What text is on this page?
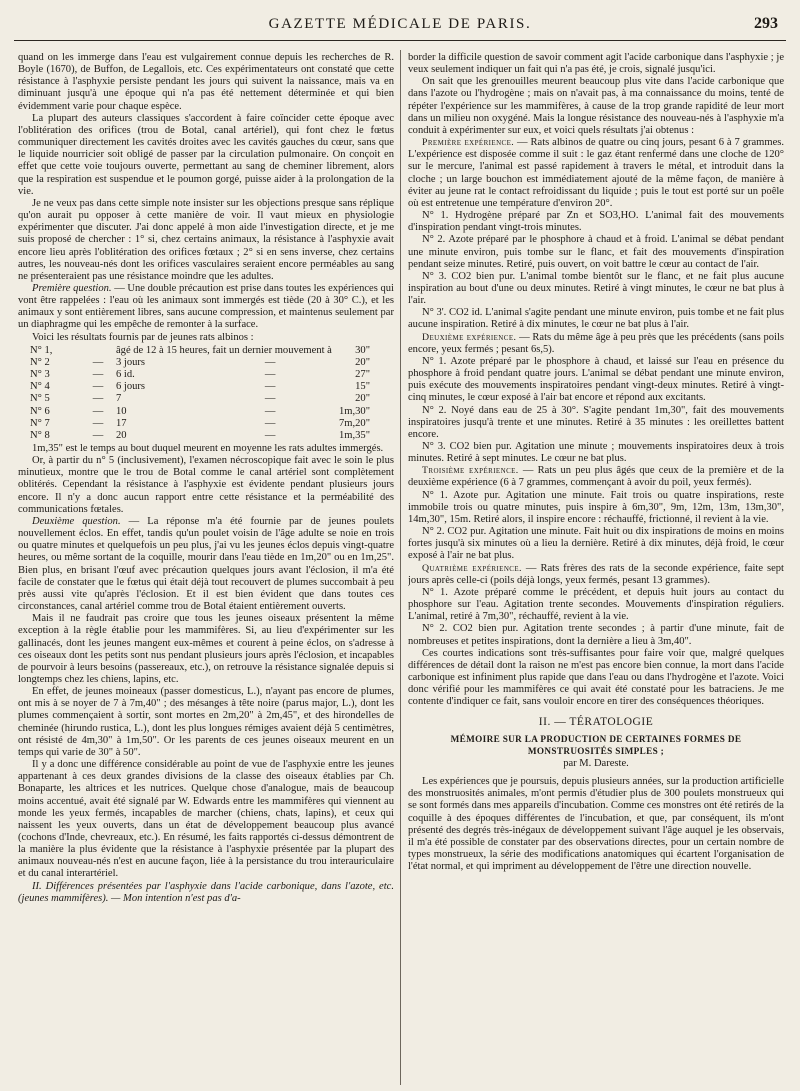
GAZETTE MÉDICALE DE PARIS.	293

quand on les immerge dans l'eau est vulgairement connue depuis les recherches de R. Boyle (1670), de Buffon, de Legallois, etc. Ces expérimentateurs ont constaté que cette résistance à l'asphyxie persiste pendant les jours qui suivent la naissance, mais va en diminuant jusqu'à une époque qui n'a pas été nettement déterminée et qui bien évidemment varie pour chaque espèce.

La plupart des auteurs classiques s'accordent à faire coïncider cette époque avec l'oblitération des orifices (trou de Botal, canal artériel), qui font chez le fœtus communiquer directement les cavités droites avec les cavités gauches du cœur, sans que le liquide nourricier soit obligé de passer par la circulation pulmonaire. On conçoit en effet que cette voie toujours ouverte, permettant au sang de cheminer librement, alors que la respiration est suspendue et le poumon gorgé, puisse aider à la prolongation de la vie.

Je ne veux pas dans cette simple note insister sur les objections presque sans réplique qu'on aurait pu opposer à cette manière de voir. Il vaut mieux en physiologie expérimenter que discuter. J'ai donc appelé à mon aide l'investigation directe, et je me suis proposé de chercher : 1° si, chez certains animaux, la résistance à l'asphyxie avait encore lieu après l'oblitération des orifices fœtaux ; 2° si en sens inverse, chez certains autres, les nouveau-nés dont les orifices vasculaires seraient encore perméables au sang ne présenteraient pas une résistance moindre que les adultes.

Première question. — Une double précaution est prise dans toutes les expériences qui vont être rappelées : l'eau où les animaux sont immergés est tiède (20 à 30° C.), et les animaux y sont entièrement libres, sans aucune compression, et maintenus seulement par un diaphragme qui les empêche de remonter à la surface.

Voici les résultats fournis par de jeunes rats albinos :

N° 1,		âgé de 12 à 15 heures, fait un dernier mouvement à		30"
N° 2	—	3 jours	—	20"
N° 3	—	6 id.	—	27"
N° 4	—	6 jours	—	15"
N° 5	—	7	—	20"
N° 6	—	10	—	1m,30"
N° 7	—	17	—	7m,20"
N° 8	—	20	—	1m,35"

1m,35" est le temps au bout duquel meurent en moyenne les rats adultes immergés.

Or, à partir du n° 5 (inclusivement), l'examen nécroscopique fait avec le soin le plus minutieux, montre que le trou de Botal comme le canal artériel sont complètement oblitérés. Cependant la résistance à l'asphyxie est évidente pendant plusieurs jours encore. Il n'y a donc aucun rapport entre cette résistance et la perméabilité des communications fœtales.

Deuxième question. — La réponse m'a été fournie par de jeunes poulets nouvellement éclos. En effet, tandis qu'un poulet voisin de l'âge adulte se noie en trois ou quatre minutes et quelquefois un peu plus, j'ai vu les jeunes éclos depuis vingt-quatre heures, ou même sortant de la coquille, mourir dans l'eau tiède en 1m,20" ou en 1m,25". Bien plus, en brisant l'œuf avec précaution quelques jours avant l'éclosion, il m'a été facile de constater que le fœtus qui était déjà tout recouvert de plumes succombait à peu près aussi vite qu'après l'éclosion. Et il est bien évident que dans toutes ces circonstances, canal artériel comme trou de Botal étaient entièrement ouverts.

Mais il ne faudrait pas croire que tous les jeunes oiseaux présentent la même exception à la règle établie pour les mammifères. Si, au lieu d'expérimenter sur les gallinacés, dont les jeunes mangent eux-mêmes et courent à peine éclos, on s'adresse à ces oiseaux dont les petits sont nus pendant plusieurs jours après l'éclosion, et incapables de pourvoir à leurs besoins (passereaux, etc.), on retrouve la résistance signalée depuis si longtemps chez les chiens, lapins, etc.

En effet, de jeunes moineaux (passer domesticus, L.), n'ayant pas encore de plumes, ont mis à se noyer de 7 à 7m,40" ; des mésanges à tête noire (parus major, L.), dont les plumes commençaient à sortir, sont mortes en 2m,20" à 2m,45", et des hirondelles de cheminée (hirundo rustica, L.), dont les plus longues rémiges avaient déjà 5 centimètres, ont résisté de 4m,30" à 1m,50". Or les parents de ces jeunes oiseaux meurent en un temps qui varie de 30" à 50".

Il y a donc une différence considérable au point de vue de l'asphyxie entre les jeunes appartenant à ces deux grandes divisions de la classe des oiseaux établies par Ch. Bonaparte, les altrices et les nutrices. Quelque chose d'analogue, mais de beaucoup moins accentué, avait été signalé par W. Edwards entre les mammifères qui viennent au monde les yeux fermés, incapables de marcher (chiens, chats, lapins), et ceux qui naissent les yeux ouverts, dans un état de développement beaucoup plus avancé (cochons d'Inde, chevreaux, etc.). En résumé, les faits rapportés ci-dessus démontrent de la manière la plus évidente que la résistance à l'asphyxie présentée par la plupart des animaux nouveau-nés n'est en aucune façon, liée à la persistance du trou interauriculaire et du canal interartériel.

II. Différences présentées par l'asphyxie dans l'acide carbonique, dans l'azote, etc. (jeunes mammifères). — Mon intention n'est pas d'a-

border la difficile question de savoir comment agit l'acide carbonique dans l'asphyxie ; je veux seulement indiquer un fait qui n'a pas été, je crois, signalé jusqu'ici.

On sait que les grenouilles meurent beaucoup plus vite dans l'acide carbonique que dans l'azote ou l'hydrogène ; mais on n'avait pas, à ma connaissance du moins, tenté de répéter l'expérience sur les mammifères, à cause de la trop grande rapidité de leur mort dans un milieu non oxygéné. Mais la longue résistance des nouveau-nés à l'asphyxie m'a conduit à expérimenter sur eux, et voici quels résultats j'ai obtenus :

Première expérience. — Rats albinos de quatre ou cinq jours, pesant 6 à 7 grammes. L'expérience est disposée comme il suit : le gaz étant renfermé dans une cloche de 120° sur le mercure, l'animal est passé rapidement à travers le métal, et introduit dans la cloche ; un large bouchon est immédiatement ajouté de la même façon, de manière à éviter au jeune rat le contact refroidissant du liquide ; puis le tout est porté sur un poêle où est entretenue une température d'environ 20°.

N° 1. Hydrogène préparé par Zn et SO3,HO. L'animal fait des mouvements d'inspiration pendant vingt-trois minutes.

N° 2. Azote préparé par le phosphore à chaud et à froid. L'animal se débat pendant une minute environ, puis tombe sur le flanc, et fait des mouvements d'inspiration pendant seize minutes. Retiré, puis ouvert, on voit battre le cœur au contact de l'air.

N° 3. CO2 bien pur. L'animal tombe bientôt sur le flanc, et ne fait plus aucune inspiration au bout d'une ou deux minutes. Retiré à vingt minutes, le cœur ne bat plus à l'air.

N° 3'. CO2 id. L'animal s'agite pendant une minute environ, puis tombe et ne fait plus aucune inspiration. Retiré à dix minutes, le cœur ne bat plus à l'air.

Deuxième expérience. — Rats du même âge à peu près que les précédents (sans poils encore, yeux fermés ; pesant 6s,5).

N° 1. Azote préparé par le phosphore à chaud, et laissé sur l'eau en présence du phosphore à froid pendant quatre jours. L'animal se débat pendant une minute environ, puis exécute des mouvements inspiratoires pendant vingt-deux minutes. Retiré à vingt-cinq minutes, le cœur exposé à l'air bat encore et répond aux excitants.

N° 2. Noyé dans eau de 25 à 30°. S'agite pendant 1m,30", fait des mouvements inspiratoires jusqu'à trente et une minutes. Retiré à 35 minutes : les oreillettes battent encore.

N° 3. CO2 bien pur. Agitation une minute ; mouvements inspiratoires deux à trois minutes. Retiré à sept minutes. Le cœur ne bat plus.

Troisième expérience. — Rats un peu plus âgés que ceux de la première et de la deuxième expérience (6 à 7 grammes, commençant à avoir du poil, yeux fermés).

N° 1. Azote pur. Agitation une minute. Fait trois ou quatre inspirations, reste immobile trois ou quatre minutes, puis inspire à 6m,30", 9m, 12m, 13m, 13m,30", 14m,30", 15m. Retiré alors, il inspire encore : réchauffé, frictionné, il revient à la vie.

N° 2. CO2 pur. Agitation une minute. Fait huit ou dix inspirations de moins en moins fortes jusqu'à six minutes où a lieu la dernière. Retiré à dix minutes, déjà froid, le cœur exposé à l'air ne bat plus.

Quatrième expérience. — Rats frères des rats de la seconde expérience, faite sept jours après celle-ci (poils déjà longs, yeux fermés, pesant 13 grammes).

N° 1. Azote préparé comme le précédent, et depuis huit jours au contact du phosphore sur l'eau. Agitation trente secondes. Mouvements d'inspiration réguliers. L'animal, retiré à 7m,30", réchauffé, revient à la vie.

N° 2. CO2 bien pur. Agitation trente secondes ; à partir d'une minute, fait de nombreuses et petites inspirations, dont la dernière a lieu à 3m,40".

Ces courtes indications sont très-suffisantes pour faire voir que, malgré quelques différences de détail dont la raison ne m'est pas encore bien connue, la mort dans l'acide carbonique est infiniment plus rapide que dans l'eau ou dans l'hydrogène et l'azote. Voici donc vérifié pour les mammifères ce qui avait été constaté pour les batraciens. Je me contente d'indiquer ce fait, sans vouloir encore en tirer des conséquences théoriques.

II. — TÉRATOLOGIE

MÉMOIRE SUR LA PRODUCTION DE CERTAINES FORMES DE MONSTRUOSITÉS SIMPLES ;

par M. Dareste.

Les expériences que je poursuis, depuis plusieurs années, sur la production artificielle des monstruosités animales, m'ont permis d'étudier plus de 300 poulets monstrueux qui se sont formés dans mes appareils d'incubation. Comme ces monstres ont été retirés de la coquille à des époques différentes de l'incubation, et que, par conséquent, ils m'ont présenté des degrés très-inégaux de développement suivant l'âge auquel je les observais, il m'a été possible de constater par des observations directes, pour un certain nombre de types monstrueux, la série des modifications anatomiques qui écartent l'organisation de l'état normal, et qui impriment au développement de l'être une direction nouvelle.
